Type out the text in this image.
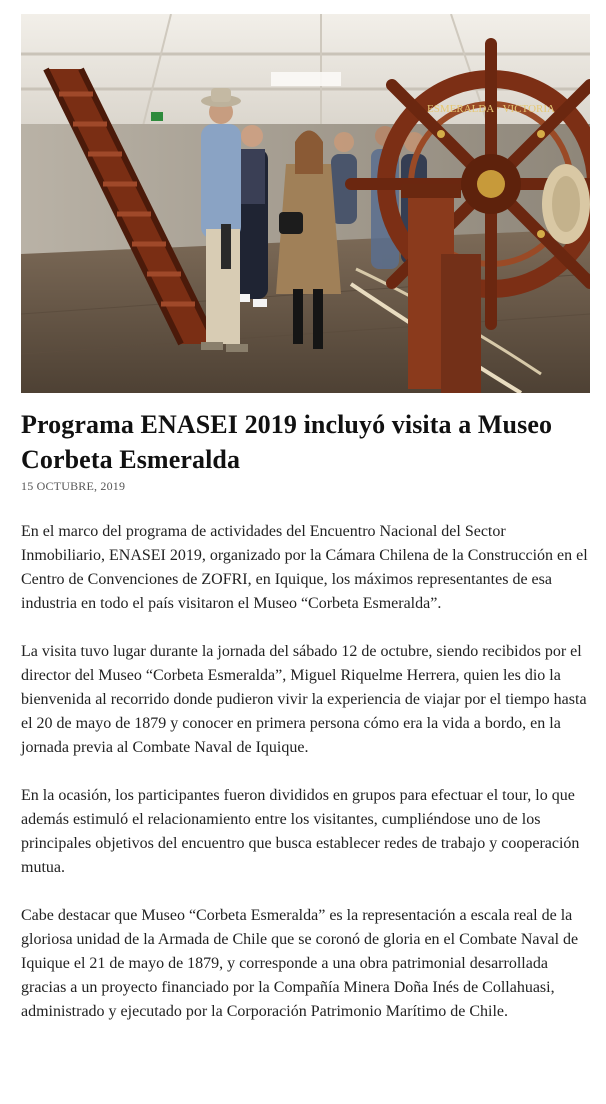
ESMERALDA · VICTORIA
Programa ENASEI 2019 incluyó visita a Museo Corbeta Esmeralda
15 OCTUBRE, 2019

En el marco del programa de actividades del Encuentro Nacional del Sector Inmobiliario, ENASEI 2019, organizado por la Cámara Chilena de la Construcción en el Centro de Convenciones de ZOFRI, en Iquique, los máximos representantes de esa industria en todo el país visitaron el Museo “Corbeta Esmeralda”.

La visita tuvo lugar durante la jornada del sábado 12 de octubre, siendo recibidos por el director del Museo “Corbeta Esmeralda”, Miguel Riquelme Herrera, quien les dio la bienvenida al recorrido donde pudieron vivir la experiencia de viajar por el tiempo hasta el 20 de mayo de 1879 y conocer en primera persona cómo era la vida a bordo, en la jornada previa al Combate Naval de Iquique.

En la ocasión, los participantes fueron divididos en grupos para efectuar el tour, lo que además estimuló el relacionamiento entre los visitantes, cumpliéndose uno de los principales objetivos del encuentro que busca establecer redes de trabajo y cooperación mutua.

Cabe destacar que Museo “Corbeta Esmeralda” es la representación a escala real de la gloriosa unidad de la Armada de Chile que se coronó de gloria en el Combate Naval de Iquique el 21 de mayo de 1879, y corresponde a una obra patrimonial desarrollada gracias a un proyecto financiado por la Compañía Minera Doña Inés de Collahuasi, administrado y ejecutado por la Corporación Patrimonio Marítimo de Chile.
